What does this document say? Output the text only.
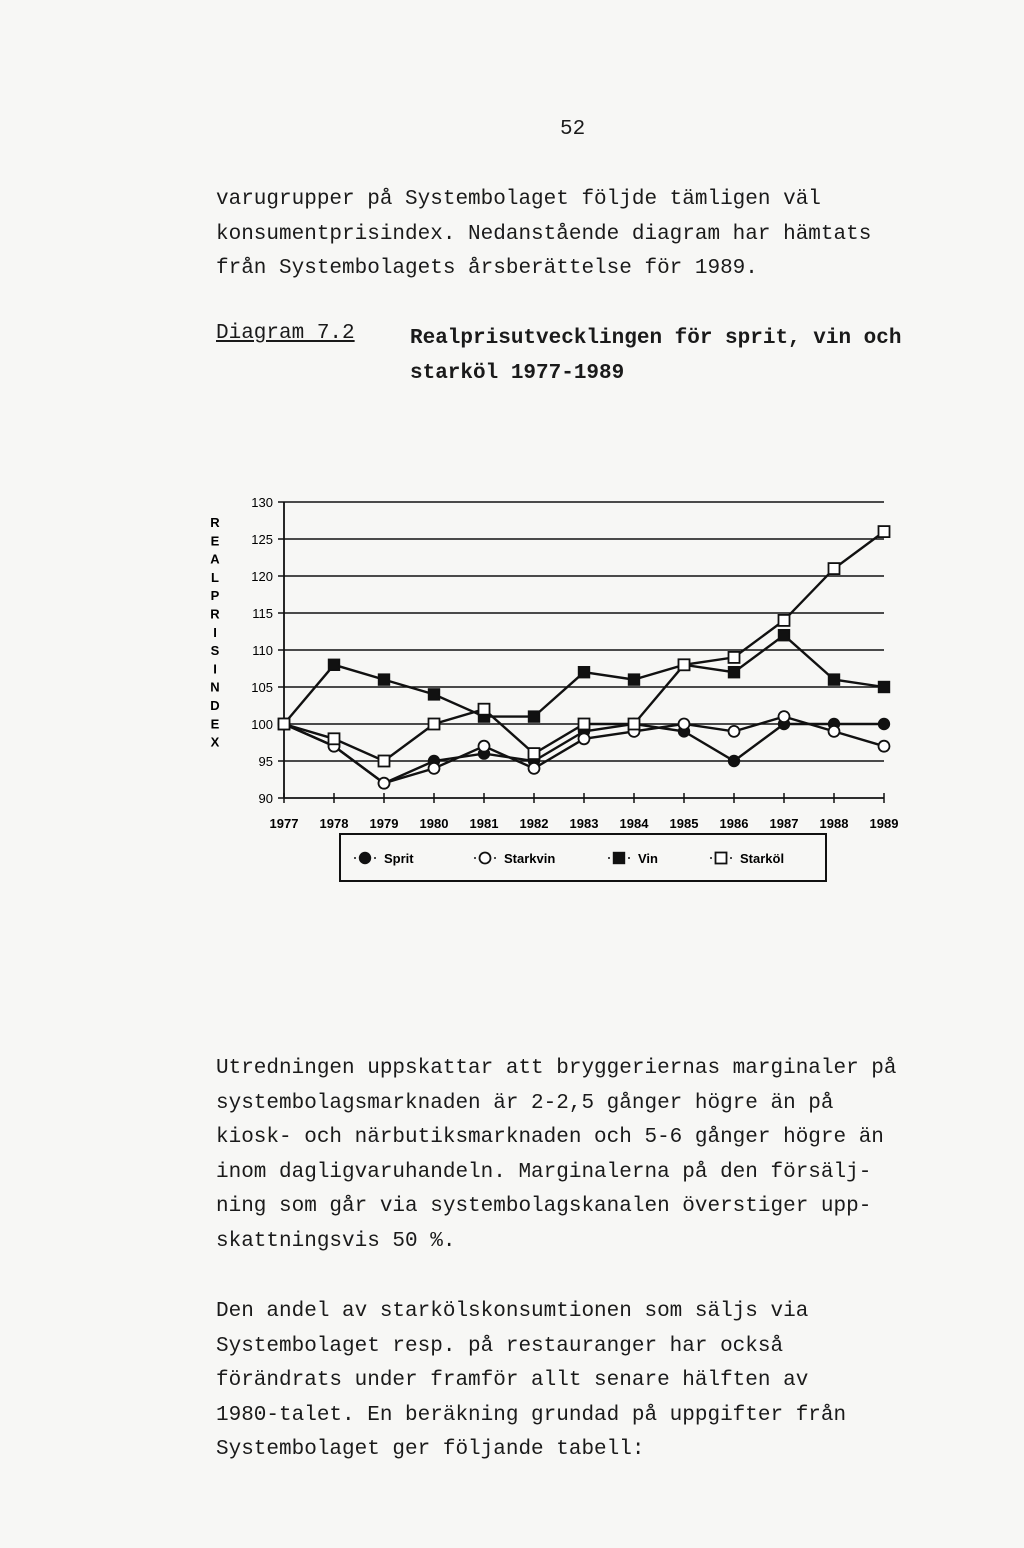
52

varugrupper på Systembolaget följde tämligen väl
konsumentprisindex. Nedanstående diagram har hämtats
från Systembolagets årsberättelse för 1989.

Diagram 7.2	Realprisutvecklingen för sprit, vin och
starköl 1977-1989

90
95
100
105
110
115
120
125
130
1977 1978 1979 1980 1981 1982 1983 1984 1985 1986 1987 1988 1989
R
E
A
L
P
R
I
S
I
N
D
E
X
Sprit	Starkvin	Vin	Starköl

Utredningen uppskattar att bryggeriernas marginaler på
systembolagsmarknaden är 2-2,5 gånger högre än på
kiosk- och närbutiksmarknaden och 5-6 gånger högre än
inom dagligvaruhandeln. Marginalerna på den försälj-
ning som går via systembolagskanalen överstiger upp-
skattningsvis 50 %.

Den andel av starkölskonsumtionen som säljs via
Systembolaget resp. på restauranger har också
förändrats under framför allt senare hälften av
1980-talet. En beräkning grundad på uppgifter från
Systembolaget ger följande tabell:
